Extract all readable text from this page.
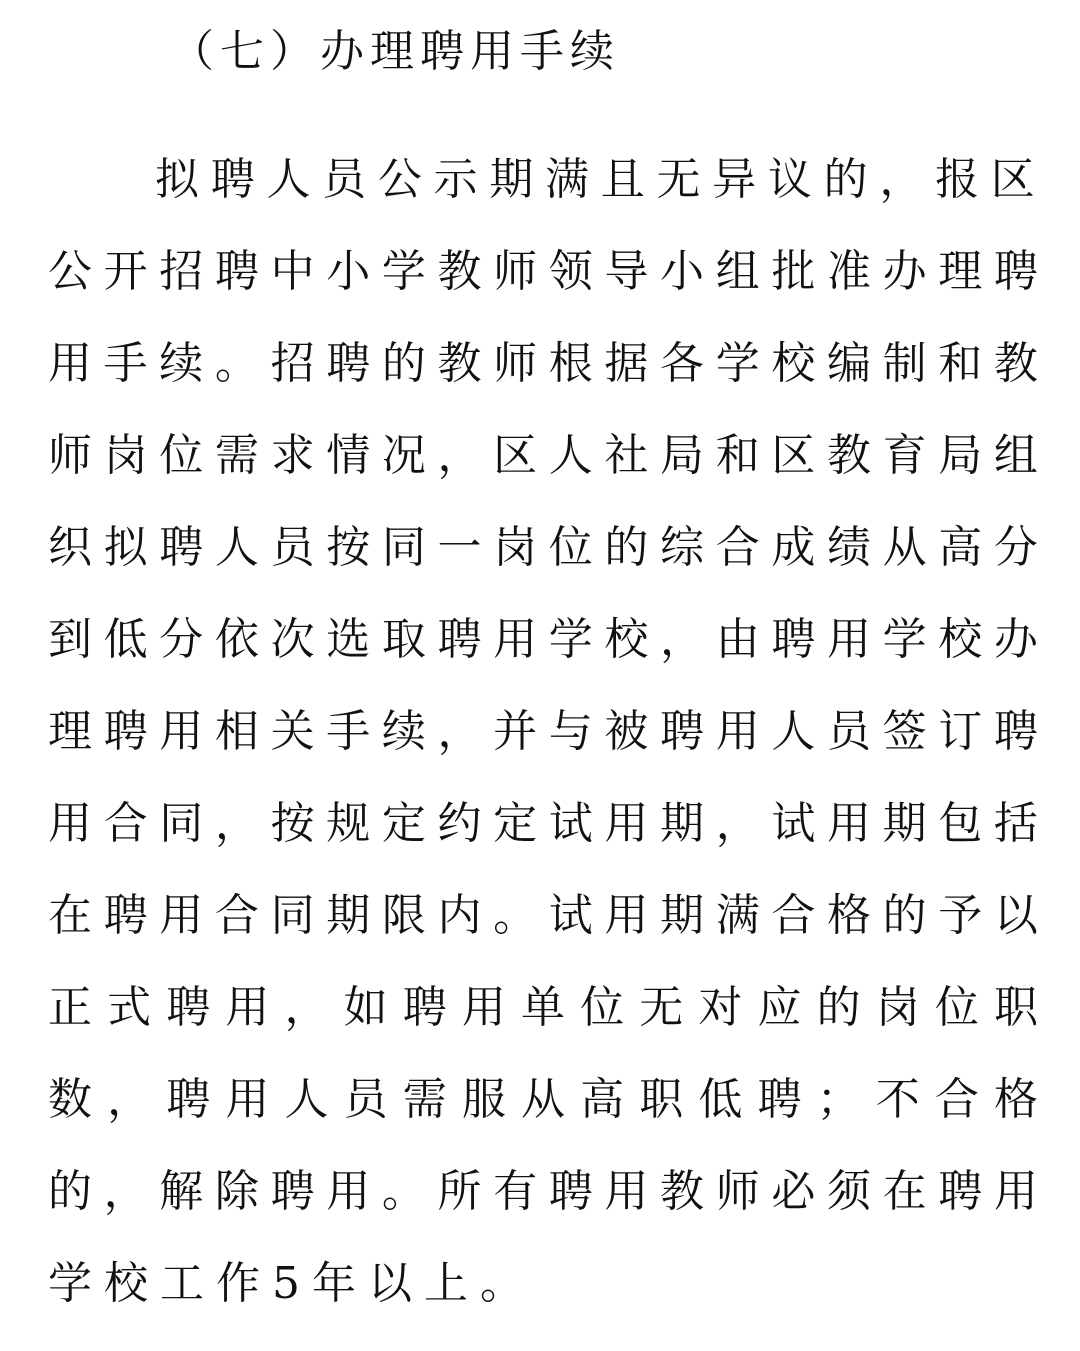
（七）办理聘用手续
拟 聘 人 员 公 示 期 满 且 无 异 议 的 ， 报 区
公 开 招 聘 中 小 学 教 师 领 导 小 组 批 准 办 理 聘
用 手 续 。 招 聘 的 教 师 根 据 各 学 校 编 制 和 教
师 岗 位 需 求 情 况 ， 区 人 社 局 和 区 教 育 局 组
织 拟 聘 人 员 按 同 一 岗 位 的 综 合 成 绩 从 高 分
到 低 分 依 次 选 取 聘 用 学 校 ， 由 聘 用 学 校 办
理 聘 用 相 关 手 续 ， 并 与 被 聘 用 人 员 签 订 聘
用 合 同 ， 按 规 定 约 定 试 用 期 ， 试 用 期 包 括
在 聘 用 合 同 期 限 内 。 试 用 期 满 合 格 的 予 以
正 式 聘 用 ， 如 聘 用 单 位 无 对 应 的 岗 位 职
数 ， 聘 用 人 员 需 服 从 高 职 低 聘 ； 不 合 格
的 ， 解 除 聘 用 。 所 有 聘 用 教 师 必 须 在 聘 用
学校工作5年以上。
